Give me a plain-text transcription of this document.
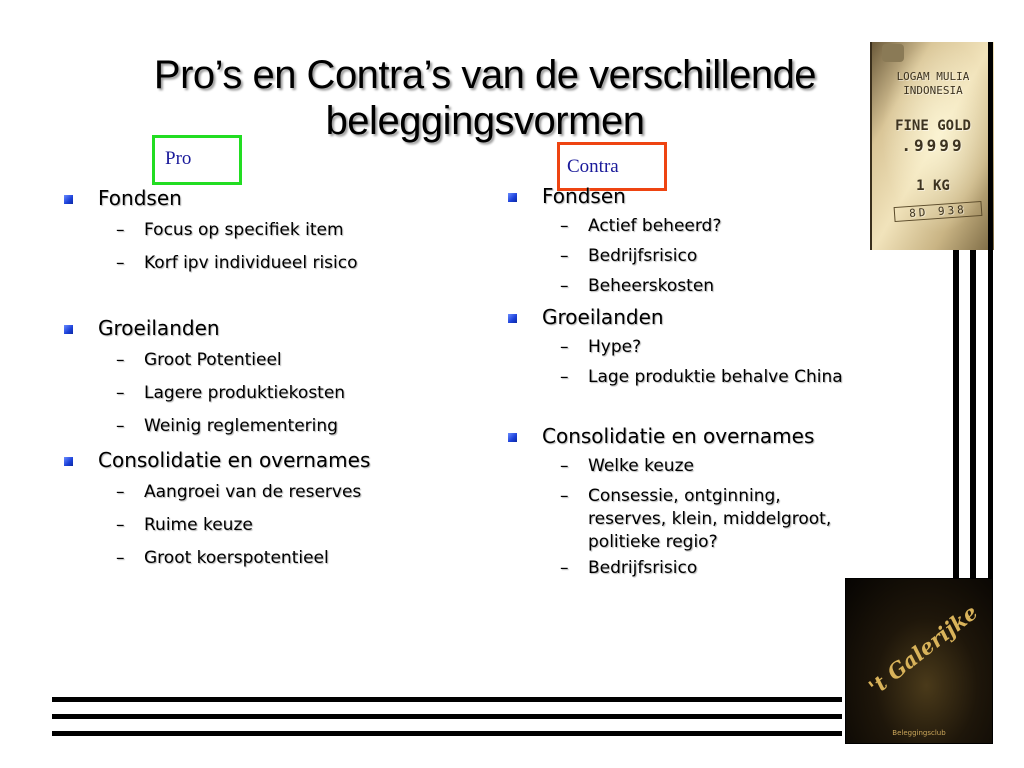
Pro’s en Contra’s van de verschillende beleggingsvormen
Pro	Contra
Fondsen
– Focus op specifiek item
– Korf ipv individueel risico
Groeilanden
– Groot Potentieel
– Lagere produktiekosten
– Weinig reglementering
Consolidatie en overnames
– Aangroei van de reserves
– Ruime keuze
– Groot koerspotentieel
Fondsen
– Actief beheerd?
– Bedrijfsrisico
– Beheerskosten
Groeilanden
– Hype?
– Lage produktie behalve China
Consolidatie en overnames
– Welke keuze
– Consessie, ontginning, reserves, klein, middelgroot, politieke regio?
– Bedrijfsrisico
LOGAM MULIA
INDONESIA
FINE GOLD
.9999
1 KG
8D 938
't Galerijke
Beleggingsclub
